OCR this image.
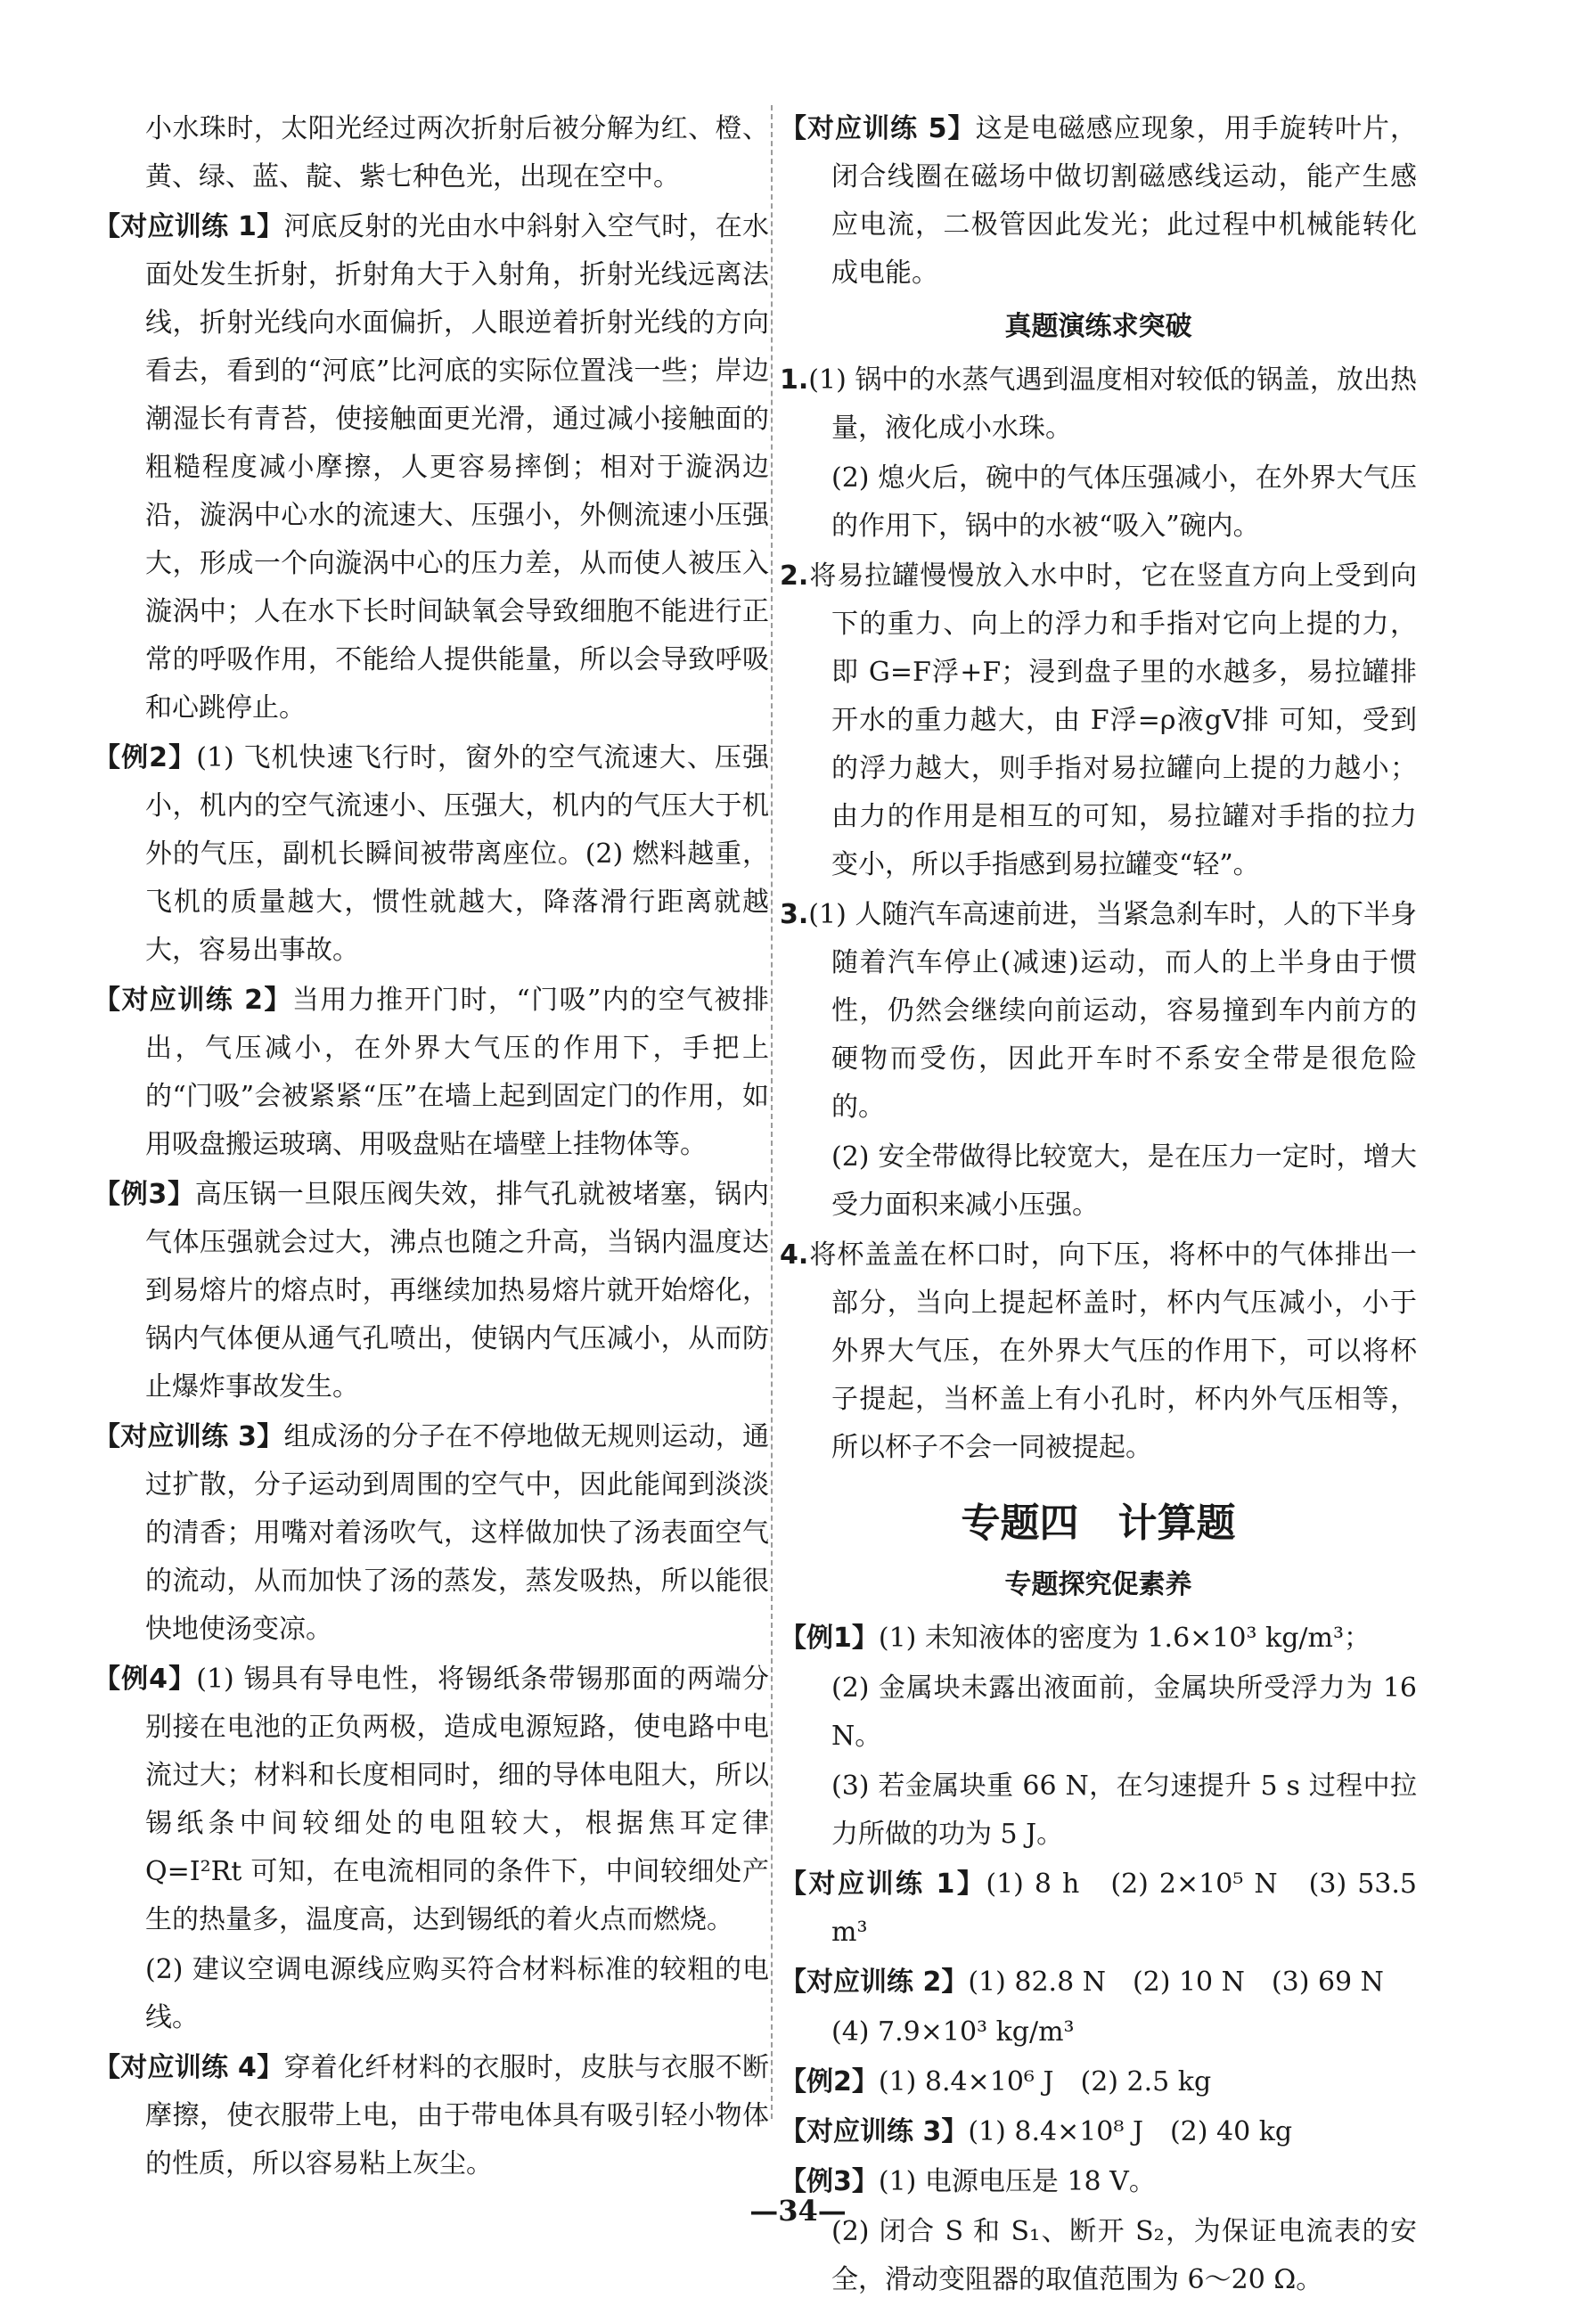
小水珠时，太阳光经过两次折射后被分解为红、橙、黄、绿、蓝、靛、紫七种色光，出现在空中。

【对应训练 1】河底反射的光由水中斜射入空气时，在水面处发生折射，折射角大于入射角，折射光线远离法线，折射光线向水面偏折，人眼逆着折射光线的方向看去，看到的“河底”比河底的实际位置浅一些；岸边潮湿长有青苔，使接触面更光滑，通过减小接触面的粗糙程度减小摩擦，人更容易摔倒；相对于漩涡边沿，漩涡中心水的流速大、压强小，外侧流速小压强大，形成一个向漩涡中心的压力差，从而使人被压入漩涡中；人在水下长时间缺氧会导致细胞不能进行正常的呼吸作用，不能给人提供能量，所以会导致呼吸和心跳停止。

【例2】(1) 飞机快速飞行时，窗外的空气流速大、压强小，机内的空气流速小、压强大，机内的气压大于机外的气压，副机长瞬间被带离座位。(2) 燃料越重，飞机的质量越大，惯性就越大，降落滑行距离就越大，容易出事故。

【对应训练 2】当用力推开门时，“门吸”内的空气被排出，气压减小，在外界大气压的作用下，手把上的“门吸”会被紧紧“压”在墙上起到固定门的作用，如用吸盘搬运玻璃、用吸盘贴在墙壁上挂物体等。

【例3】高压锅一旦限压阀失效，排气孔就被堵塞，锅内气体压强就会过大，沸点也随之升高，当锅内温度达到易熔片的熔点时，再继续加热易熔片就开始熔化，锅内气体便从通气孔喷出，使锅内气压减小，从而防止爆炸事故发生。

【对应训练 3】组成汤的分子在不停地做无规则运动，通过扩散，分子运动到周围的空气中，因此能闻到淡淡的清香；用嘴对着汤吹气，这样做加快了汤表面空气的流动，从而加快了汤的蒸发，蒸发吸热，所以能很快地使汤变凉。

【例4】(1) 锡具有导电性，将锡纸条带锡那面的两端分别接在电池的正负两极，造成电源短路，使电路中电流过大；材料和长度相同时，细的导体电阻大，所以锡纸条中间较细处的电阻较大，根据焦耳定律 Q=I²Rt 可知，在电流相同的条件下，中间较细处产生的热量多，温度高，达到锡纸的着火点而燃烧。

(2) 建议空调电源线应购买符合材料标准的较粗的电线。

【对应训练 4】穿着化纤材料的衣服时，皮肤与衣服不断摩擦，使衣服带上电，由于带电体具有吸引轻小物体的性质，所以容易粘上灰尘。

【对应训练 5】这是电磁感应现象，用手旋转叶片，闭合线圈在磁场中做切割磁感线运动，能产生感应电流，二极管因此发光；此过程中机械能转化成电能。

真题演练求突破

1.(1) 锅中的水蒸气遇到温度相对较低的锅盖，放出热量，液化成小水珠。

(2) 熄火后，碗中的气体压强减小，在外界大气压的作用下，锅中的水被“吸入”碗内。

2.将易拉罐慢慢放入水中时，它在竖直方向上受到向下的重力、向上的浮力和手指对它向上提的力，即 G=F浮+F；浸到盘子里的水越多，易拉罐排开水的重力越大，由 F浮=ρ液gV排 可知，受到的浮力越大，则手指对易拉罐向上提的力越小；由力的作用是相互的可知，易拉罐对手指的拉力变小，所以手指感到易拉罐变“轻”。

3.(1) 人随汽车高速前进，当紧急刹车时，人的下半身随着汽车停止(减速)运动，而人的上半身由于惯性，仍然会继续向前运动，容易撞到车内前方的硬物而受伤，因此开车时不系安全带是很危险的。

(2) 安全带做得比较宽大，是在压力一定时，增大受力面积来减小压强。

4.将杯盖盖在杯口时，向下压，将杯中的气体排出一部分，当向上提起杯盖时，杯内气压减小，小于外界大气压，在外界大气压的作用下，可以将杯子提起，当杯盖上有小孔时，杯内外气压相等，所以杯子不会一同被提起。

专题四　计算题
专题探究促素养

【例1】(1) 未知液体的密度为 1.6×10³ kg/m³；

(2) 金属块未露出液面前，金属块所受浮力为 16 N。

(3) 若金属块重 66 N，在匀速提升 5 s 过程中拉力所做的功为 5 J。

【对应训练 1】(1) 8 h　(2) 2×10⁵ N　(3) 53.5 m³

【对应训练 2】(1) 82.8 N　(2) 10 N　(3) 69 N

(4) 7.9×10³ kg/m³

【例2】(1) 8.4×10⁶ J　(2) 2.5 kg

【对应训练 3】(1) 8.4×10⁸ J　(2) 40 kg

【例3】(1) 电源电压是 18 V。

(2) 闭合 S 和 S₁、断开 S₂，为保证电流表的安全，滑动变阻器的取值范围为 6～20 Ω。

—34—
